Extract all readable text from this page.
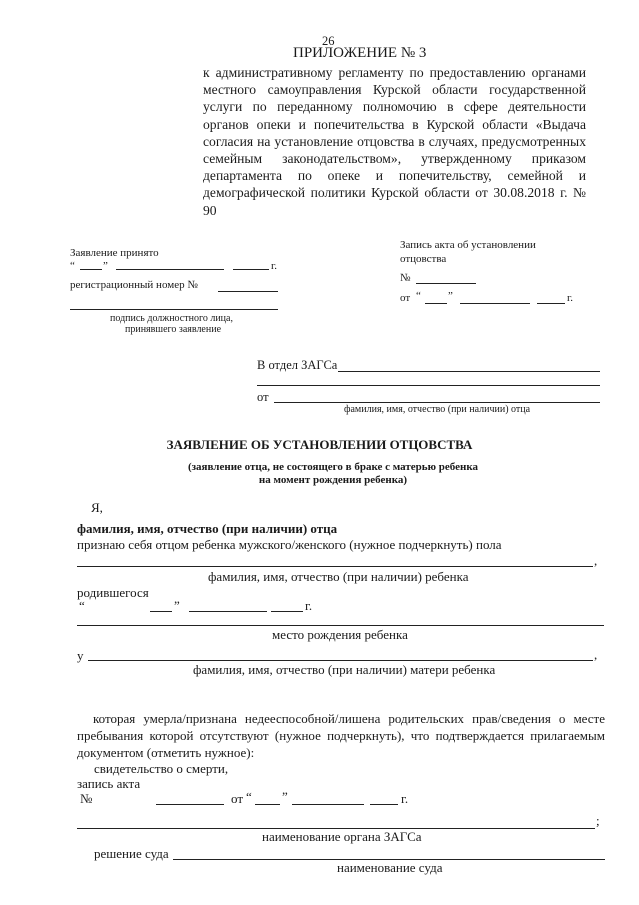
26
ПРИЛОЖЕНИЕ № 3
к административному регламенту по предоставлению органами местного самоуправления Курской области государственной услуги по переданному полномочию в сфере деятельности органов опеки и попечительства в Курской области «Выдача согласия на установление отцовства в случаях, предусмотренных семейным законодательством», утвержденному приказом департамента по опеке и попечительству, семейной и демографической политики Курской области от 30.08.2018 г. № 90
Заявление принято
“	”	г.
регистрационный номер №
подпись должностного лица,
принявшего заявление
Запись акта об установлении
отцовства
№
от “ ”	г.
В отдел ЗАГСа
от
фамилия, имя, отчество (при наличии) отца
ЗАЯВЛЕНИЕ ОБ УСТАНОВЛЕНИИ ОТЦОВСТВА
(заявление отца, не состоящего в браке с матерью ребенка
на момент рождения ребенка)
Я,
фамилия, имя, отчество (при наличии) отца
признаю себя отцом ребенка мужского/женского (нужное подчеркнуть) пола
,
фамилия, имя, отчество (при наличии) ребенка
родившегося
“	”	г.
место рождения ребенка
у	,
фамилия, имя, отчество (при наличии) матери ребенка
которая умерла/признана недееспособной/лишена родительских прав/сведения о месте пребывания которой отсутствуют (нужное подчеркнуть), что подтверждается прилагаемым документом (отметить нужное):
свидетельство о смерти,
запись акта
№	от “ ”	г.
;
наименование органа ЗАГСа
решение суда
наименование суда
